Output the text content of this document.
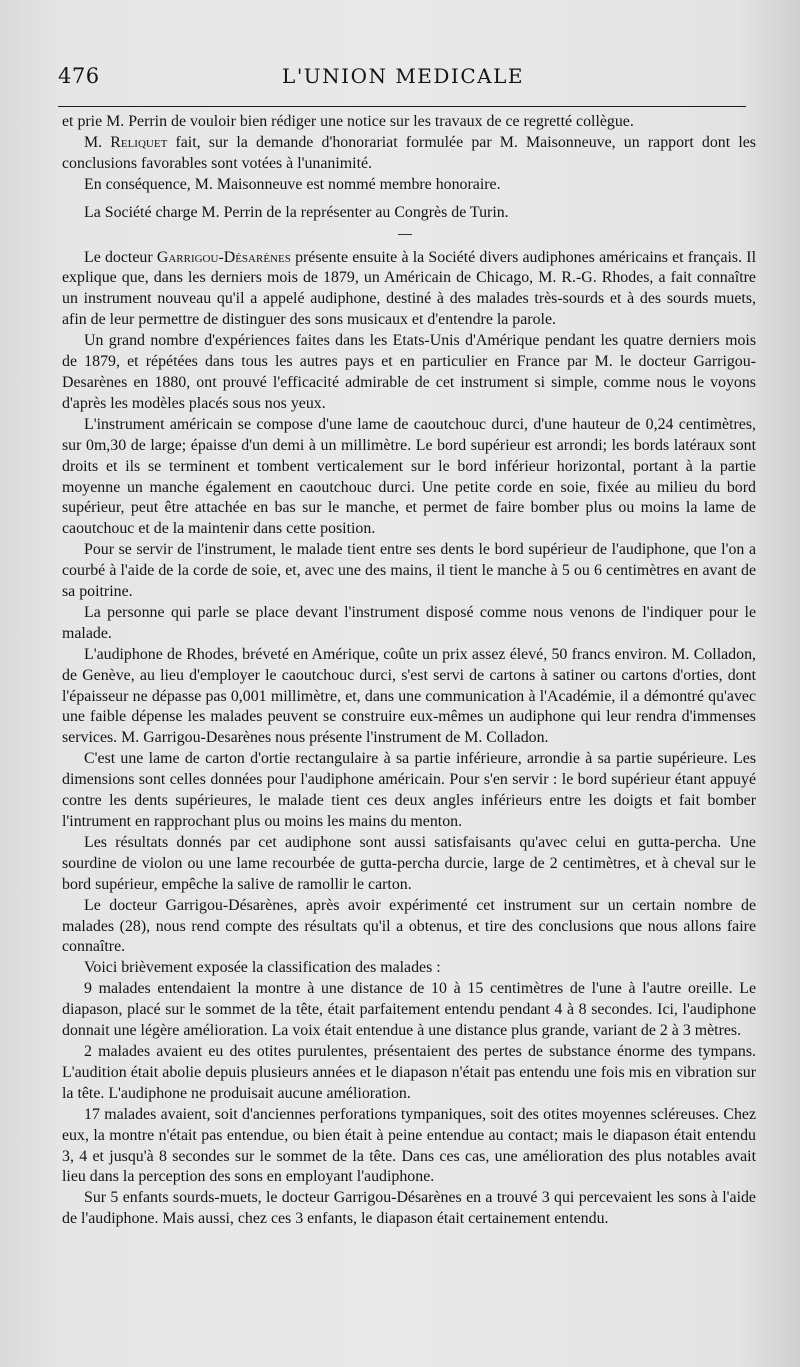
476	L'UNION MEDICALE

et prie M. Perrin de vouloir bien rédiger une notice sur les travaux de ce regretté collègue.

M. Reliquet fait, sur la demande d'honorariat formulée par M. Maisonneuve, un rapport dont les conclusions favorables sont votées à l'unanimité.

En conséquence, M. Maisonneuve est nommé membre honoraire.

La Société charge M. Perrin de la représenter au Congrès de Turin.

Le docteur Garrigou-Désarènes présente ensuite à la Société divers audiphones américains et français. Il explique que, dans les derniers mois de 1879, un Américain de Chicago, M. R.-G. Rhodes, a fait connaître un instrument nouveau qu'il a appelé audiphone, destiné à des malades très-sourds et à des sourds muets, afin de leur permettre de distinguer des sons musicaux et d'entendre la parole.

Un grand nombre d'expériences faites dans les Etats-Unis d'Amérique pendant les quatre derniers mois de 1879, et répétées dans tous les autres pays et en particulier en France par M. le docteur Garrigou-Desarènes en 1880, ont prouvé l'efficacité admirable de cet instrument si simple, comme nous le voyons d'après les modèles placés sous nos yeux.

L'instrument américain se compose d'une lame de caoutchouc durci, d'une hauteur de 0,24 centimètres, sur 0m,30 de large; épaisse d'un demi à un millimètre. Le bord supérieur est arrondi; les bords latéraux sont droits et ils se terminent et tombent verticalement sur le bord inférieur horizontal, portant à la partie moyenne un manche également en caoutchouc durci. Une petite corde en soie, fixée au milieu du bord supérieur, peut être attachée en bas sur le manche, et permet de faire bomber plus ou moins la lame de caoutchouc et de la maintenir dans cette position.

Pour se servir de l'instrument, le malade tient entre ses dents le bord supérieur de l'audiphone, que l'on a courbé à l'aide de la corde de soie, et, avec une des mains, il tient le manche à 5 ou 6 centimètres en avant de sa poitrine.

La personne qui parle se place devant l'instrument disposé comme nous venons de l'indiquer pour le malade.

L'audiphone de Rhodes, bréveté en Amérique, coûte un prix assez élevé, 50 francs environ. M. Colladon, de Genève, au lieu d'employer le caoutchouc durci, s'est servi de cartons à satiner ou cartons d'orties, dont l'épaisseur ne dépasse pas 0,001 millimètre, et, dans une communication à l'Académie, il a démontré qu'avec une faible dépense les malades peuvent se construire eux-mêmes un audiphone qui leur rendra d'immenses services. M. Garrigou-Desarènes nous présente l'instrument de M. Colladon.

C'est une lame de carton d'ortie rectangulaire à sa partie inférieure, arrondie à sa partie supérieure. Les dimensions sont celles données pour l'audiphone américain. Pour s'en servir : le bord supérieur étant appuyé contre les dents supérieures, le malade tient ces deux angles inférieurs entre les doigts et fait bomber l'intrument en rapprochant plus ou moins les mains du menton.

Les résultats donnés par cet audiphone sont aussi satisfaisants qu'avec celui en gutta-percha. Une sourdine de violon ou une lame recourbée de gutta-percha durcie, large de 2 centimètres, et à cheval sur le bord supérieur, empêche la salive de ramollir le carton.

Le docteur Garrigou-Désarènes, après avoir expérimenté cet instrument sur un certain nombre de malades (28), nous rend compte des résultats qu'il a obtenus, et tire des conclusions que nous allons faire connaître.

Voici brièvement exposée la classification des malades :

9 malades entendaient la montre à une distance de 10 à 15 centimètres de l'une à l'autre oreille. Le diapason, placé sur le sommet de la tête, était parfaitement entendu pendant 4 à 8 secondes. Ici, l'audiphone donnait une légère amélioration. La voix était entendue à une distance plus grande, variant de 2 à 3 mètres.

2 malades avaient eu des otites purulentes, présentaient des pertes de substance énorme des tympans. L'audition était abolie depuis plusieurs années et le diapason n'était pas entendu une fois mis en vibration sur la tête. L'audiphone ne produisait aucune amélioration.

17 malades avaient, soit d'anciennes perforations tympaniques, soit des otites moyennes scléreuses. Chez eux, la montre n'était pas entendue, ou bien était à peine entendue au contact; mais le diapason était entendu 3, 4 et jusqu'à 8 secondes sur le sommet de la tête. Dans ces cas, une amélioration des plus notables avait lieu dans la perception des sons en employant l'audiphone.

Sur 5 enfants sourds-muets, le docteur Garrigou-Désarènes en a trouvé 3 qui percevaient les sons à l'aide de l'audiphone. Mais aussi, chez ces 3 enfants, le diapason était certainement entendu.
